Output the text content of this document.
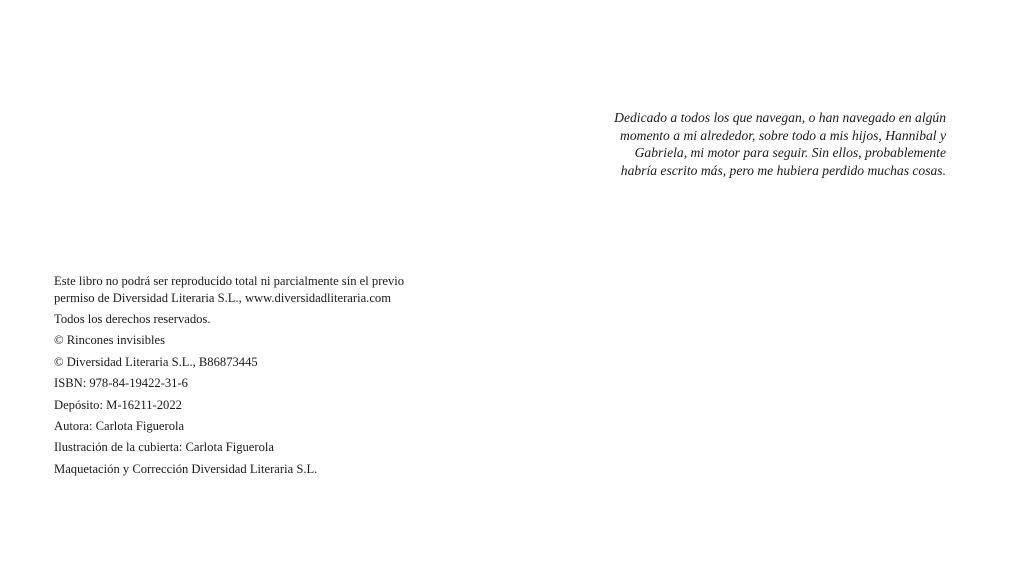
Este libro no podrá ser reproducido total ni parcialmente sin el previo
permiso de Diversidad Literaria S.L., www.diversidadliteraria.com

Todos los derechos reservados.
© Rincones invisibles
© Diversidad Literaria S.L., B86873445
ISBN: 978-84-19422-31-6
Depósito: M-16211-2022
Autora: Carlota Figuerola
Ilustración de la cubierta: Carlota Figuerola
Maquetación y Corrección Diversidad Literaria S.L.

Dedicado a todos los que navegan, o han navegado en algún
momento a mi alrededor, sobre todo a mis hijos, Hannibal y
Gabriela, mi motor para seguir. Sin ellos, probablemente
habría escrito más, pero me hubiera perdido muchas cosas.
